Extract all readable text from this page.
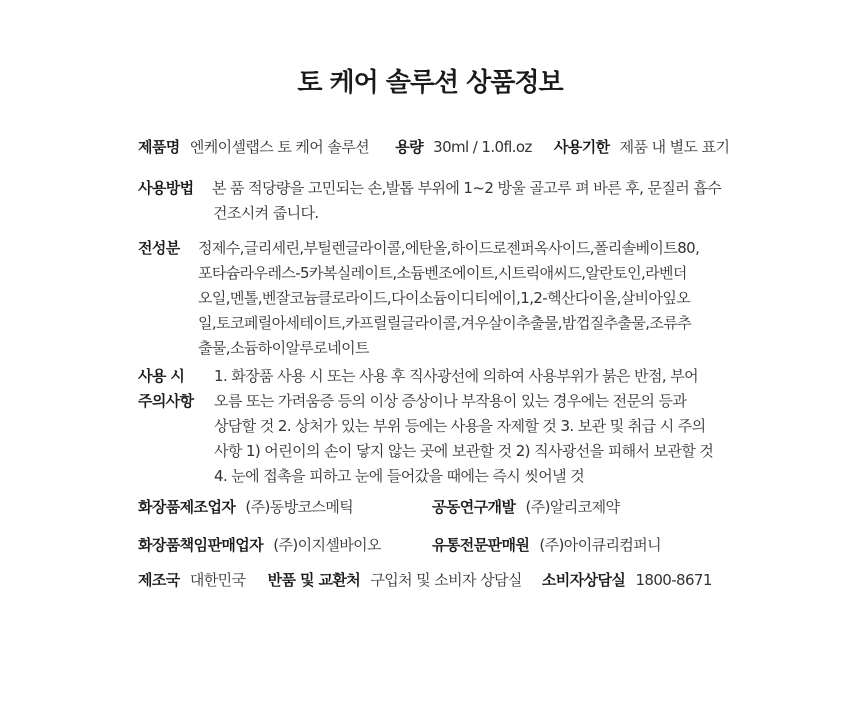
토 케어 솔루션 상품정보
제품명 엔케이셀랩스 토 케어 솔루션 용량 30ml / 1.0fl.oz 사용기한 제품 내 별도 표기
사용방법 본 품 적당량을 고민되는 손,발톱 부위에 1~2 방울 골고루 펴 바른 후, 문질러 흡수
건조시켜 줍니다.
전성분 정제수,글리세린,부틸렌글라이콜,에탄올,하이드로젠퍼옥사이드,폴리솔베이트80,
포타슘라우레스-5카복실레이트,소듐벤조에이트,시트릭애씨드,알란토인,라벤더
오일,멘톨,벤잘코늄클로라이드,다이소듐이디티에이,1,2-헥산다이올,살비아잎오
일,토코페릴아세테이트,카프릴릴글라이콜,겨우살이추출물,밤껍질추출물,조류추
출물,소듐하이알루로네이트
사용 시
주의사항
1. 화장품 사용 시 또는 사용 후 직사광선에 의하여 사용부위가 붉은 반점, 부어
오름 또는 가려움증 등의 이상 증상이나 부작용이 있는 경우에는 전문의 등과
상담할 것 2. 상처가 있는 부위 등에는 사용을 자제할 것 3. 보관 및 취급 시 주의
사항 1) 어린이의 손이 닿지 않는 곳에 보관할 것 2) 직사광선을 피해서 보관할 것
4. 눈에 접촉을 피하고 눈에 들어갔을 때에는 즉시 씻어낼 것
화장품제조업자 (주)동방코스메틱	공동연구개발 (주)알리코제약
화장품책임판매업자 (주)이지셀바이오	유통전문판매원 (주)아이큐리컴퍼니
제조국 대한민국 반품 및 교환처 구입처 및 소비자 상담실 소비자상담실 1800-8671
